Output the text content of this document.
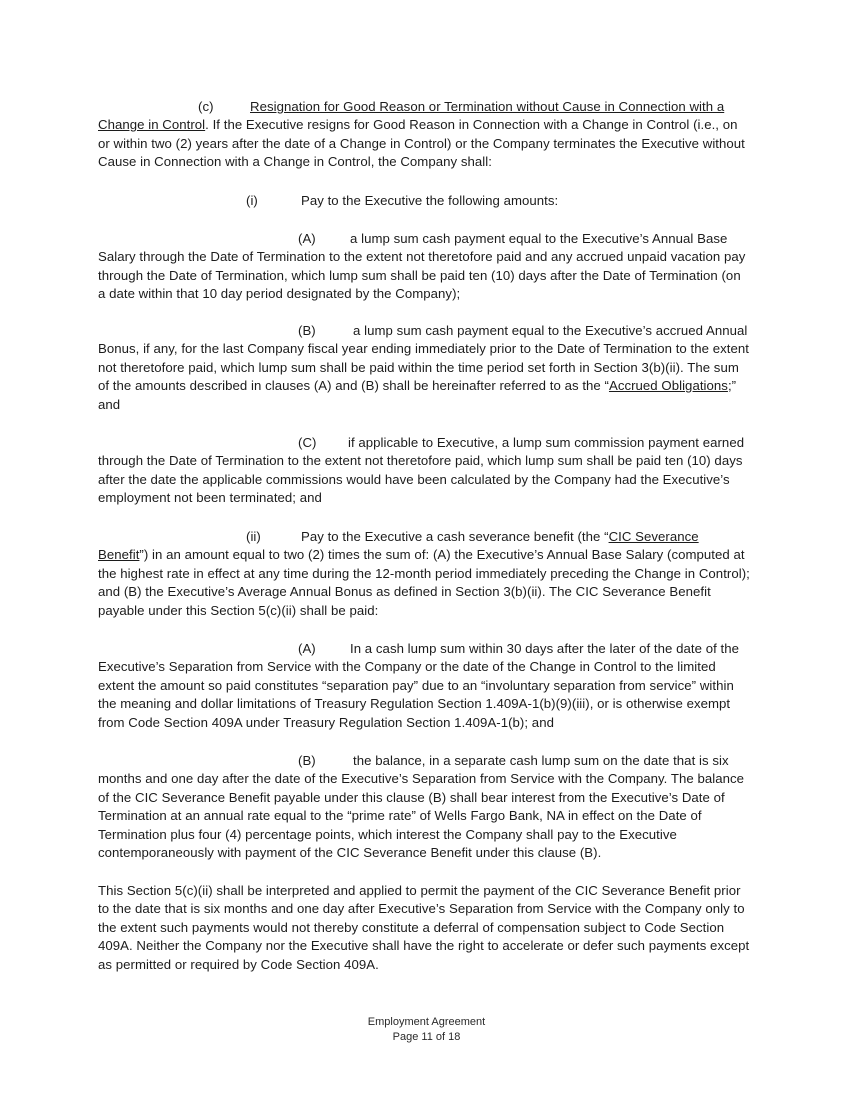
(c)	Resignation for Good Reason or Termination without Cause in Connection with a Change in Control. If the Executive resigns for Good Reason in Connection with a Change in Control (i.e., on or within two (2) years after the date of a Change in Control) or the Company terminates the Executive without Cause in Connection with a Change in Control, the Company shall:
(i)	Pay to the Executive the following amounts:
(A)	a lump sum cash payment equal to the Executive’s Annual Base Salary through the Date of Termination to the extent not theretofore paid and any accrued unpaid vacation pay through the Date of Termination, which lump sum shall be paid ten (10) days after the Date of Termination (on a date within that 10 day period designated by the Company);
(B)	a lump sum cash payment equal to the Executive’s accrued Annual Bonus, if any, for the last Company fiscal year ending immediately prior to the Date of Termination to the extent not theretofore paid, which lump sum shall be paid within the time period set forth in Section 3(b)(ii). The sum of the amounts described in clauses (A) and (B) shall be hereinafter referred to as the “Accrued Obligations;” and
(C) if applicable to Executive, a lump sum commission payment earned through the Date of Termination to the extent not theretofore paid, which lump sum shall be paid ten (10) days after the date the applicable commissions would have been calculated by the Company had the Executive’s employment not been terminated; and
(ii)	Pay to the Executive a cash severance benefit (the “CIC Severance Benefit”) in an amount equal to two (2) times the sum of: (A) the Executive’s Annual Base Salary (computed at the highest rate in effect at any time during the 12-month period immediately preceding the Change in Control); and (B) the Executive’s Average Annual Bonus as defined in Section 3(b)(ii). The CIC Severance Benefit payable under this Section 5(c)(ii) shall be paid:
(A)	In a cash lump sum within 30 days after the later of the date of the Executive’s Separation from Service with the Company or the date of the Change in Control to the limited extent the amount so paid constitutes “separation pay” due to an “involuntary separation from service” within the meaning and dollar limitations of Treasury Regulation Section 1.409A-1(b)(9)(iii), or is otherwise exempt from Code Section 409A under Treasury Regulation Section 1.409A-1(b); and
(B)	the balance, in a separate cash lump sum on the date that is six months and one day after the date of the Executive’s Separation from Service with the Company. The balance of the CIC Severance Benefit payable under this clause (B) shall bear interest from the Executive’s Date of Termination at an annual rate equal to the “prime rate” of Wells Fargo Bank, NA in effect on the Date of Termination plus four (4) percentage points, which interest the Company shall pay to the Executive contemporaneously with payment of the CIC Severance Benefit under this clause (B).
This Section 5(c)(ii) shall be interpreted and applied to permit the payment of the CIC Severance Benefit prior to the date that is six months and one day after Executive’s Separation from Service with the Company only to the extent such payments would not thereby constitute a deferral of compensation subject to Code Section 409A. Neither the Company nor the Executive shall have the right to accelerate or defer such payments except as permitted or required by Code Section 409A.
Employment Agreement
Page 11 of 18
